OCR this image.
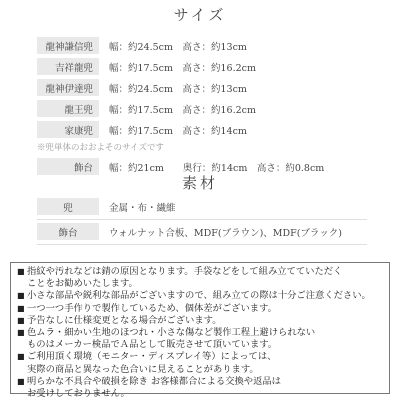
サイズ
龍神謙信兜	幅：約24.5cm　高さ：約13cm
吉祥龍兜	幅：約17.5cm　高さ：約16.2cm
龍神伊達兜	幅：約24.5cm　高さ：約13cm
龍王兜	幅：約17.5cm　高さ：約16.2cm
家康兜	幅：約17.5cm　高さ：約14cm
※兜単体のおおよそのサイズです
飾台	幅：約21cm　　奥行：約14cm　高さ：約0.8cm
素材
兜	金属・布・繊維
飾台	ウォルナット合板、MDF(ブラウン)、MDF(ブラック)
■ 指紋や汚れなどは錆の原因となります。手袋などをして組み立てていただく
ことをお勧めいたします。
■ 小さな部品や鋭利な部品がございますので、組み立ての際は十分ご注意ください。
■ 一つ一つ手作りで製作しているため、個体差がございます。
■ 予告なしに仕様変更となる場合がございます。
■ 色ムラ・細かい生地のほつれ・小さな傷など製作工程上避けられない
ものはメーカー検品でＡ品として販売させて頂いています。
■ ご利用頂く環境（モニター・ディスプレイ等）によっては、
実際の商品と異なった色合いに見えることがあります。
■ 明らかな不具合や破損を除き お客様都合による交換や返品は
お受けしておりません。
